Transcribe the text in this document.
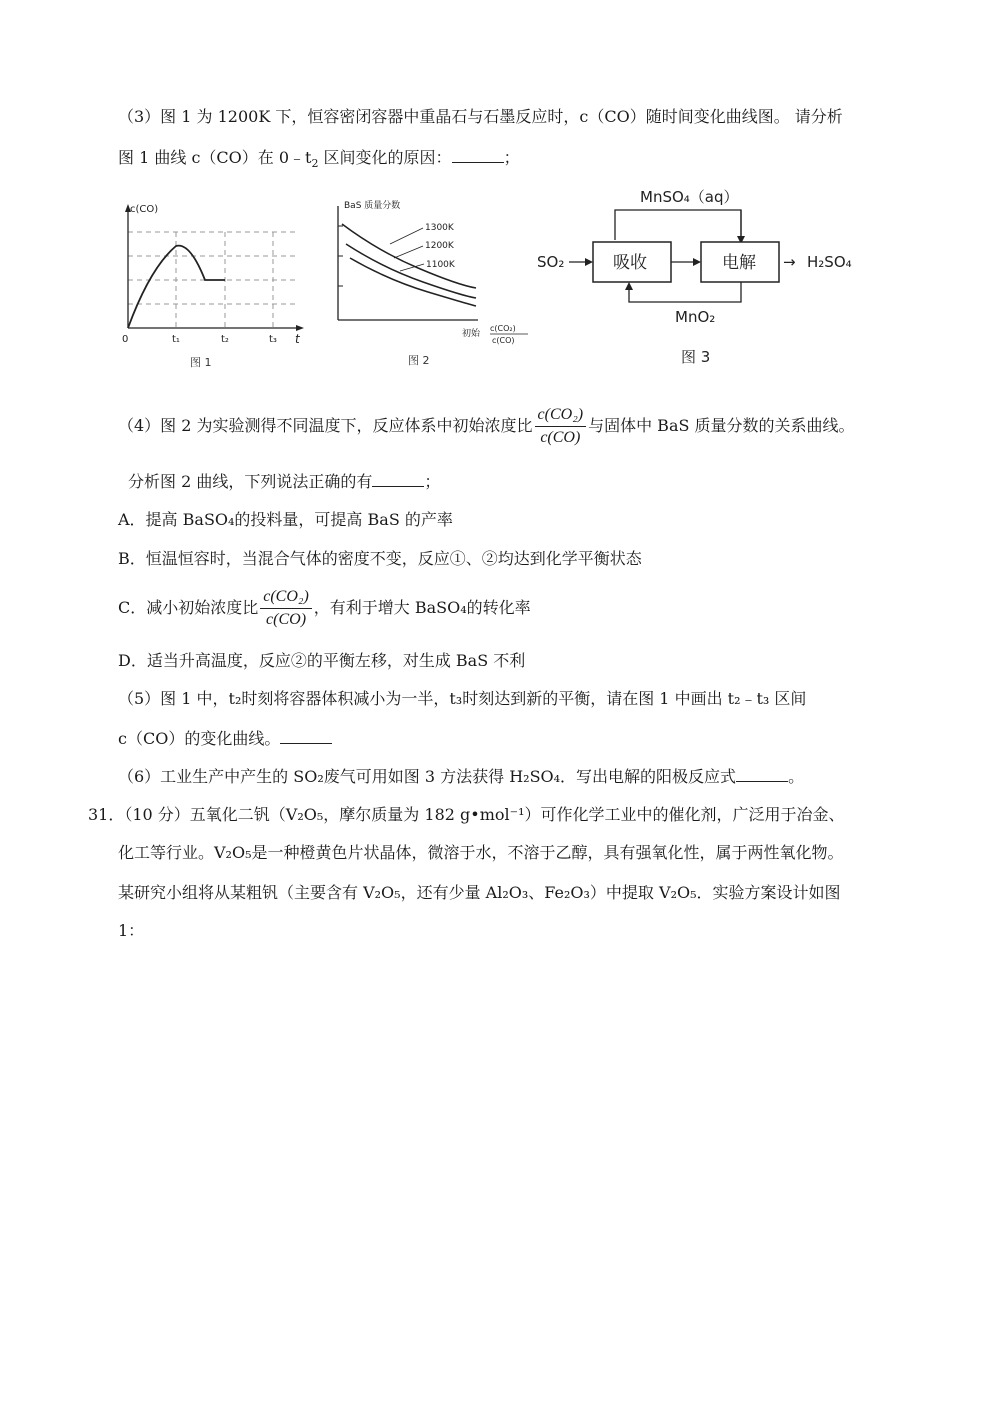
（3）图 1 为 1200K 下，恒容密闭容器中重晶石与石墨反应时，c（CO）随时间变化曲线图。 请分析
图 1 曲线 c（CO）在 $0﹣t_2$ 区间变化的原因：	；
c(CO)
0	t₁	t₂	t₃ t
图 1
BaS 质量分数
1300K
1200K
1100K
初始
c(CO₂)
c(CO)
图 2
MnSO₄（aq）
吸收	电解
SO₂	→ H₂SO₄
MnO₂
图 3
（4）图 2 为实验测得不同温度下，反应体系中初始浓度比 $\frac{\text{c(CO₂)}}{c(CO)}$ 与固体中 BaS 质量分数的关系曲线。
分析图 2 曲线，下列说法正确的有	；
A．提高 BaSO₄的投料量，可提高 BaS 的产率
B．恒温恒容时，当混合气体的密度不变，反应①、②均达到化学平衡状态
C．减小初始浓度比 $\frac{\text{c(CO₂)}}{c(CO)}$ ，有利于增大 BaSO₄的转化率
D．适当升高温度，反应②的平衡左移，对生成 BaS 不利
（5）图 1 中，t₂时刻将容器体积减小为一半，t₃时刻达到新的平衡，请在图 1 中画出 t₂﹣t₃ 区间
c（CO）的变化曲线。
（6）工业生产中产生的 SO₂废气可用如图 3 方法获得 H₂SO₄．写出电解的阳极反应式	。
31．（10 分）五氧化二钒（V₂O₅，摩尔质量为 182 g•mol⁻¹）可作化学工业中的催化剂，广泛用于冶金、
化工等行业。V₂O₅是一种橙黄色片状晶体，微溶于水，不溶于乙醇，具有强氧化性，属于两性氧化物。
某研究小组将从某粗钒（主要含有 V₂O₅，还有少量 Al₂O₃、Fe₂O₃）中提取 V₂O₅．实验方案设计如图
1：
